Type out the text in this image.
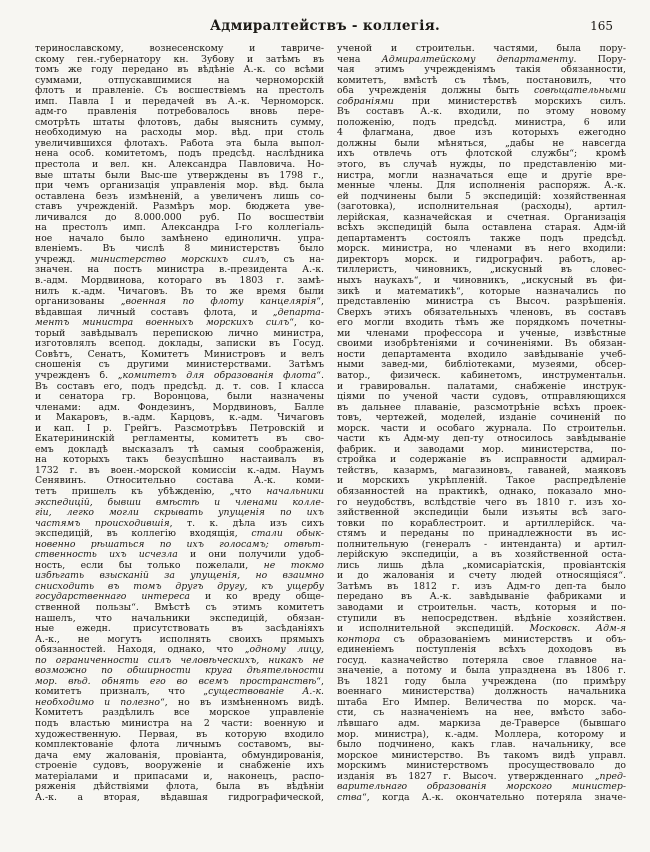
Адмиралтействъ - коллегія.	165
теринославскому, вознесенскому и тавриче-
скому ген.-губернатору кн. Зубову и затѣмъ въ
томъ же году передано въ вѣдѣніе А.-к. со всѣми
суммами, отпускавшимися на черноморскій
флотъ и правленіе. Съ восшествіемъ на престолъ
имп. Павла I и передачей въ А.-к. Черноморск.
адм-го правленія потребовалось вновь пере-
смотрѣть штаты флотовъ, дабы выяснить сумму,
необходимую на расходы мор. вѣд. при столь
увеличившихся флотахъ. Работа эта была выпол-
нена особ. комитетомъ, подъ предсѣд. наслѣдника
престола и вел. кн. Александра Павловича. Но-
вые штаты были Выс-ше утверждены въ 1798 г.,
при чемъ организація управленія мор. вѣд. была
оставлена безъ измѣненій, а увеличенъ лишь со-
ставъ учрежденій. Размѣръ мор. бюджета уве-
личивался до 8.000.000 руб. По восшествіи
на престолъ имп. Александра I-го коллегіаль-
ное начало было замѣнено единоличн. упра-
вленіемъ. Въ числѣ 8 министерствъ было
учрежд. министерство морскихъ силъ, съ на-
значен. на постъ министра в.-президента А.-к.
в.-адм. Мордвинова, котораго въ 1803 г. замѣ-
нилъ к.-адм. Чичаговъ. Въ то же время были
организованы „военная по флоту канцелярія“,
вѣдавшая личный составъ флота, и „департа-
ментъ министра военныхъ морскихъ силъ“, ко-
торый завѣдывалъ перепискою лично министра,
изготовлялъ всепод. доклады, записки въ Госуд.
Совѣтъ, Сенатъ, Комитетъ Министровъ и велъ
сношенія съ другими министерствами. Затѣмъ
учрежденъ б. „комитетъ для образованія флота“.
Въ составъ его, подъ предсѣд. д. т. сов. I класса
и сенатора гр. Воронцова, были назначены
членами: адм. Фондезинъ, Мордвиновъ, Балле
и Макаровъ, в.-адм. Карцовъ, к.-адм. Чичаговъ
и кап. I р. Грейгъ. Разсмотрѣвъ Петровскій и
Екатерининскій регламенты, комитетъ въ сво-
емъ докладѣ высказалъ тѣ самыя соображенія,
на которыхъ такъ безуспѣшно настаивалъ въ
1732 г. въ воен.-морской комиссіи к.-адм. Наумъ
Сенявинъ. Относительно состава А.-к. коми-
тетъ пришелъ къ убѣжденію, „что начальники
экспедицій, бывши вмѣстѣ и членами колле-
гіи, легко могли скрывать упущенія по ихъ
частямъ происходившія, т. к. дѣла изъ сихъ
экспедицій, въ коллегію входящія, стали обык-
новенно рѣшаться по ихъ голосамъ; отвѣт-
ственность ихъ исчезла и они получили удоб-
ность, если бы только пожелали, не токмо
избѣгать взысканій за упущенія, но взаимно
снисходить въ томъ другъ другу, къ ущербу
государственнаго интереса и ко вреду обще-
ственной пользы“. Вмѣстѣ съ этимъ комитетъ
нашелъ, что начальники экспедицій, обязан-
ные ежедн. присутствовать въ засѣданіяхъ
А.-к., не могутъ исполнять своихъ прямыхъ
обязанностей. Находя, однако, что „одному лицу,
по ограниченности силъ человѣческихъ, никакъ не
возможно по обширности круга дѣятельности
мор. вѣд. обнять его во всемъ пространствѣ“,
комитетъ призналъ, что „существованіе А.-к.
необходимо и полезно“, но въ измѣненномъ видѣ.
Комитетъ раздѣлилъ все морское управленіе
подъ властью министра на 2 части: военную и
художественную. Первая, въ которую входило
комплектованіе флота личнымъ составомъ, вы-
дача ему жалованія, провіанта, обмундированія,
строеніе судовъ, вооруженіе и снабженіе ихъ
матеріалами и припасами и, наконецъ, распо-
ряженія дѣйствіями флота, была въ вѣдѣніи
А.-к. а вторая, вѣдавшая гидрографической,
ученой и строительн. частями, была пору-
чена Адмиралтейскому департаменту. Пору-
чая этимъ учрежденіямъ такія обязанности,
комитетъ, вмѣстѣ съ тѣмъ, постановилъ, что
оба учрежденія должны быть совѣщательными
собраніями при министерствѣ морскихъ силъ.
Въ составъ А.-к. входили, по этому новому
положенію, подъ предсѣд. министра, 6 или
4 флагмана, двое изъ которыхъ ежегодно
должны были мѣняться, „дабы не навсегда
ихъ отвлечь отъ флотской службы“; кромѣ
этого, въ случаѣ нужды, по представленію ми-
нистра, могли назначаться еще и другіе вре-
менные члены. Для исполненія распоряж. А.-к.
ей подчинены были 5 экспедицій: хозяйственная
(заготовка), исполнительная (расходы), артил-
лерійская, казначейская и счетная. Организація
всѣхъ экспедицій была оставлена старая. Адм-ій
департаментъ состоялъ также подъ предсѣд.
морск. министра, но членами въ него входили:
директоръ морск. и гидрографич. работъ, ар-
тиллеристъ, чиновникъ, „искусный въ словес-
ныхъ наукахъ“, и чиновникъ, „искусный въ фи-
зикѣ и математикѣ“, которые назначались по
представленію министра съ Высоч. разрѣшенія.
Сверхъ этихъ обязательныхъ членовъ, въ составъ
его могли входить тѣмъ же порядкомъ почетны-
ми членами профессора и ученые, извѣстные
своими изобрѣтеніями и сочиненіями. Въ обязан-
ности департамента входило завѣдываніе учеб-
ными завед-ми, библіотеками, музеями, обсер-
ватор., физическ. кабинетомъ, инструментальн.
и гравировальн. палатами, снабженіе инструк-
ціями по ученой части судовъ, отправляющихся
въ дальнее плаваніе, разсмотрѣніе всѣхъ проек-
товъ, чертежей, моделей, изданіе сочиненій по
морск. части и особаго журнала. По строительн.
части къ Адм-му деп-ту относилось завѣдываніе
фабрик. и заводами мор. министерства, по-
стройка и содержаніе въ исправности адмирал-
тействъ, казармъ, магазиновъ, гаваней, маяковъ
и морскихъ укрѣпленій. Такое распредѣленіе
обязанностей на практикѣ, однако, показало мно-
го неудобствъ, вслѣдствіе чего въ 1810 г. изъ хо-
зяйственной экспедиціи были изъяты всѣ заго-
товки по кораблестроит. и артиллерійск. ча-
стямъ и переданы по принадлежности въ ис-
полнительную (генералъ - интенданта) и артил-
лерійскую экспедиціи, а въ хозяйственной оста-
лись лишь дѣла „комисаріатскія, провіантскія
и до жалованія и счету людей относящіяся“.
Затѣмъ въ 1812 г. изъ Адм-го деп-та было
передано въ А.-к. завѣдываніе фабриками и
заводами и строительн. часть, которыя и по-
ступили въ непосредствен. вѣдѣніе хозяйствен.
и исполнительной экспедицій. Московск. Адм-я
контора съ образованіемъ министерствъ и объ-
единеніемъ поступленія всѣхъ доходовъ въ
госуд. казначейство потеряла свое главное на-
значеніе, а потому и была упразднена въ 1806 г.
Въ 1821 году была учреждена (по примѣру
военнаго министерства) должность начальника
штаба Его Импер. Величества по морск. ча-
сти, съ назначеніемъ на нее, вмѣсто забо-
лѣвшаго адм. маркиза де-Траверсе (бывшаго
мор. министра), к.-адм. Моллера, которому и
было подчинено, какъ глав. начальнику, все
морское министерство. Въ такомъ видѣ управл.
морскимъ министерствомъ просуществовало до
изданія въ 1827 г. Высоч. утвержденнаго „пред-
варительнаго образованія морского министер-
ства“, когда А.-к. окончательно потеряла значе-
